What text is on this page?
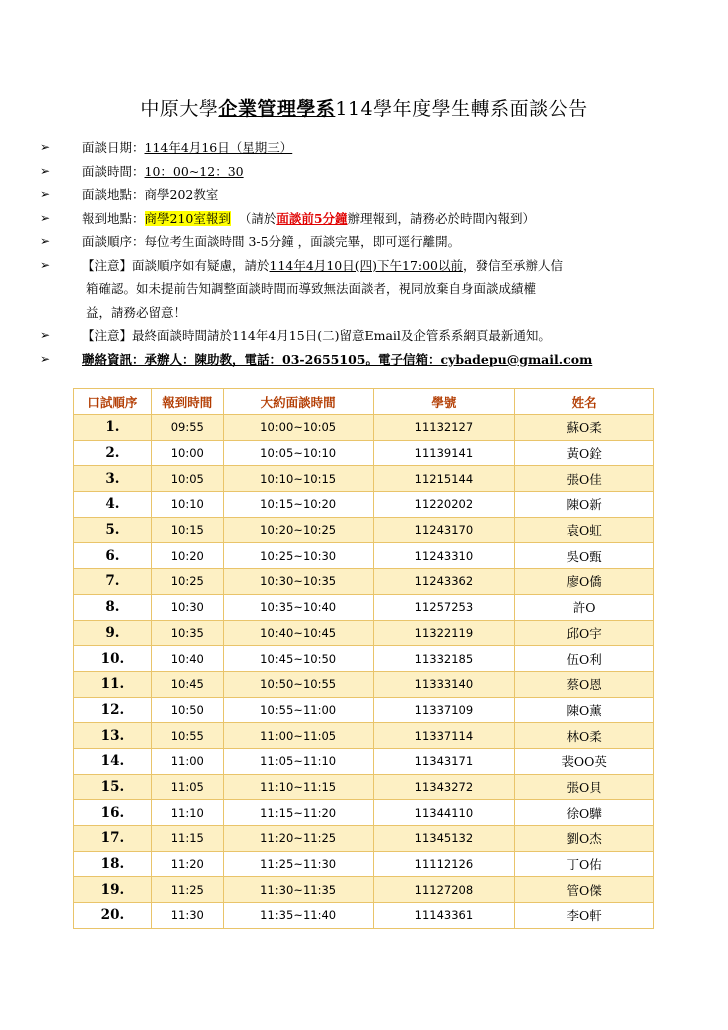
中原大學企業管理學系114學年度學生轉系面談公告
➢	面談日期：114年4月16日（星期三）
➢	面談時間：10：00~12：30
➢	面談地點：商學202教室
➢	報到地點：商學210室報到 （請於面談前5分鐘辦理報到，請務必於時間內報到）
➢	面談順序：每位考生面談時間 3-5分鐘 ，面談完畢，即可逕行離開。
➢	【注意】面談順序如有疑慮，請於114年4月10日(四)下午17:00以前，發信至承辦人信
箱確認。如未提前告知調整面談時間而導致無法面談者，視同放棄自身面談成績權
益，請務必留意！
➢	【注意】最終面談時間請於114年4月15日(二)留意Email及企管系系網頁最新通知。
➢	聯絡資訊：承辦人：陳助教，電話：03-2655105。電子信箱：cybadepu@gmail.com
口試順序	報到時間	大約面談時間	學號	姓名
1.	09:55	10:00~10:05	11132127	蘇O柔
2.	10:00	10:05~10:10	11139141	黃O銓
3.	10:05	10:10~10:15	11215144	張O佳
4.	10:10	10:15~10:20	11220202	陳O新
5.	10:15	10:20~10:25	11243170	袁O虹
6.	10:20	10:25~10:30	11243310	吳O甄
7.	10:25	10:30~10:35	11243362	廖O僑
8.	10:30	10:35~10:40	11257253	許O
9.	10:35	10:40~10:45	11322119	邱O宇
10.	10:40	10:45~10:50	11332185	伍O利
11.	10:45	10:50~10:55	11333140	蔡O恩
12.	10:50	10:55~11:00	11337109	陳O薰
13.	10:55	11:00~11:05	11337114	林O柔
14.	11:00	11:05~11:10	11343171	裴OO英
15.	11:05	11:10~11:15	11343272	張O貝
16.	11:10	11:15~11:20	11344110	徐O驊
17.	11:15	11:20~11:25	11345132	劉O杰
18.	11:20	11:25~11:30	11112126	丁O佑
19.	11:25	11:30~11:35	11127208	管O傑
20.	11:30	11:35~11:40	11143361	李O軒
